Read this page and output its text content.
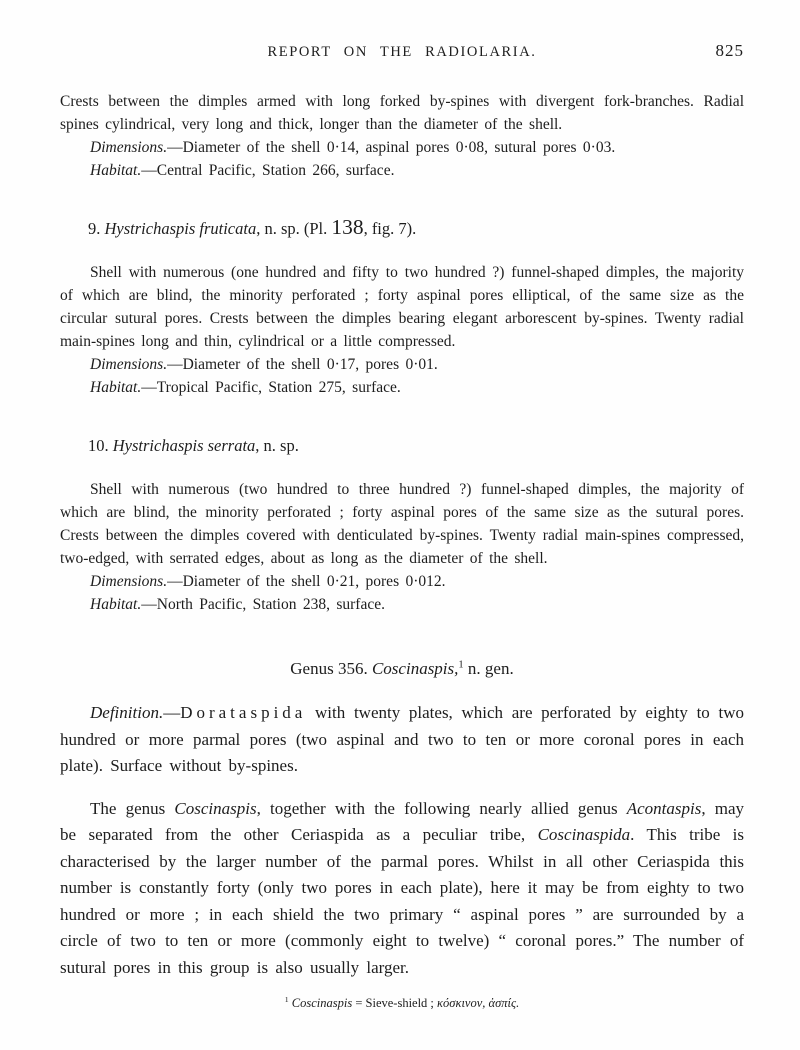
REPORT ON THE RADIOLARIA.	825

Crests between the dimples armed with long forked by-spines with divergent fork-branches. Radial spines cylindrical, very long and thick, longer than the diameter of the shell.

Dimensions.—Diameter of the shell 0·14, aspinal pores 0·08, sutural pores 0·03.

Habitat.—Central Pacific, Station 266, surface.

9. Hystrichaspis fruticata, n. sp. (Pl. 138, fig. 7).

Shell with numerous (one hundred and fifty to two hundred ?) funnel-shaped dimples, the majority of which are blind, the minority perforated ; forty aspinal pores elliptical, of the same size as the circular sutural pores. Crests between the dimples bearing elegant arborescent by-spines. Twenty radial main-spines long and thin, cylindrical or a little compressed.

Dimensions.—Diameter of the shell 0·17, pores 0·01.

Habitat.—Tropical Pacific, Station 275, surface.

10. Hystrichaspis serrata, n. sp.

Shell with numerous (two hundred to three hundred ?) funnel-shaped dimples, the majority of which are blind, the minority perforated ; forty aspinal pores of the same size as the sutural pores. Crests between the dimples covered with denticulated by-spines. Twenty radial main-spines compressed, two-edged, with serrated edges, about as long as the diameter of the shell.

Dimensions.—Diameter of the shell 0·21, pores 0·012.

Habitat.—North Pacific, Station 238, surface.

Genus 356. Coscinaspis,$^1$ n. gen.

Definition.—Dorataspida with twenty plates, which are perforated by eighty to two hundred or more parmal pores (two aspinal and two to ten or more coronal pores in each plate). Surface without by-spines.

The genus Coscinaspis, together with the following nearly allied genus Acontaspis, may be separated from the other Ceriaspida as a peculiar tribe, Coscinaspida. This tribe is characterised by the larger number of the parmal pores. Whilst in all other Ceriaspida this number is constantly forty (only two pores in each plate), here it may be from eighty to two hundred or more ; in each shield the two primary “ aspinal pores ” are surrounded by a circle of two to ten or more (commonly eight to twelve) “ coronal pores.” The number of sutural pores in this group is also usually larger.

$^1$ Coscinaspis = Sieve-shield ; κόσκινον, ἀσπίς.
